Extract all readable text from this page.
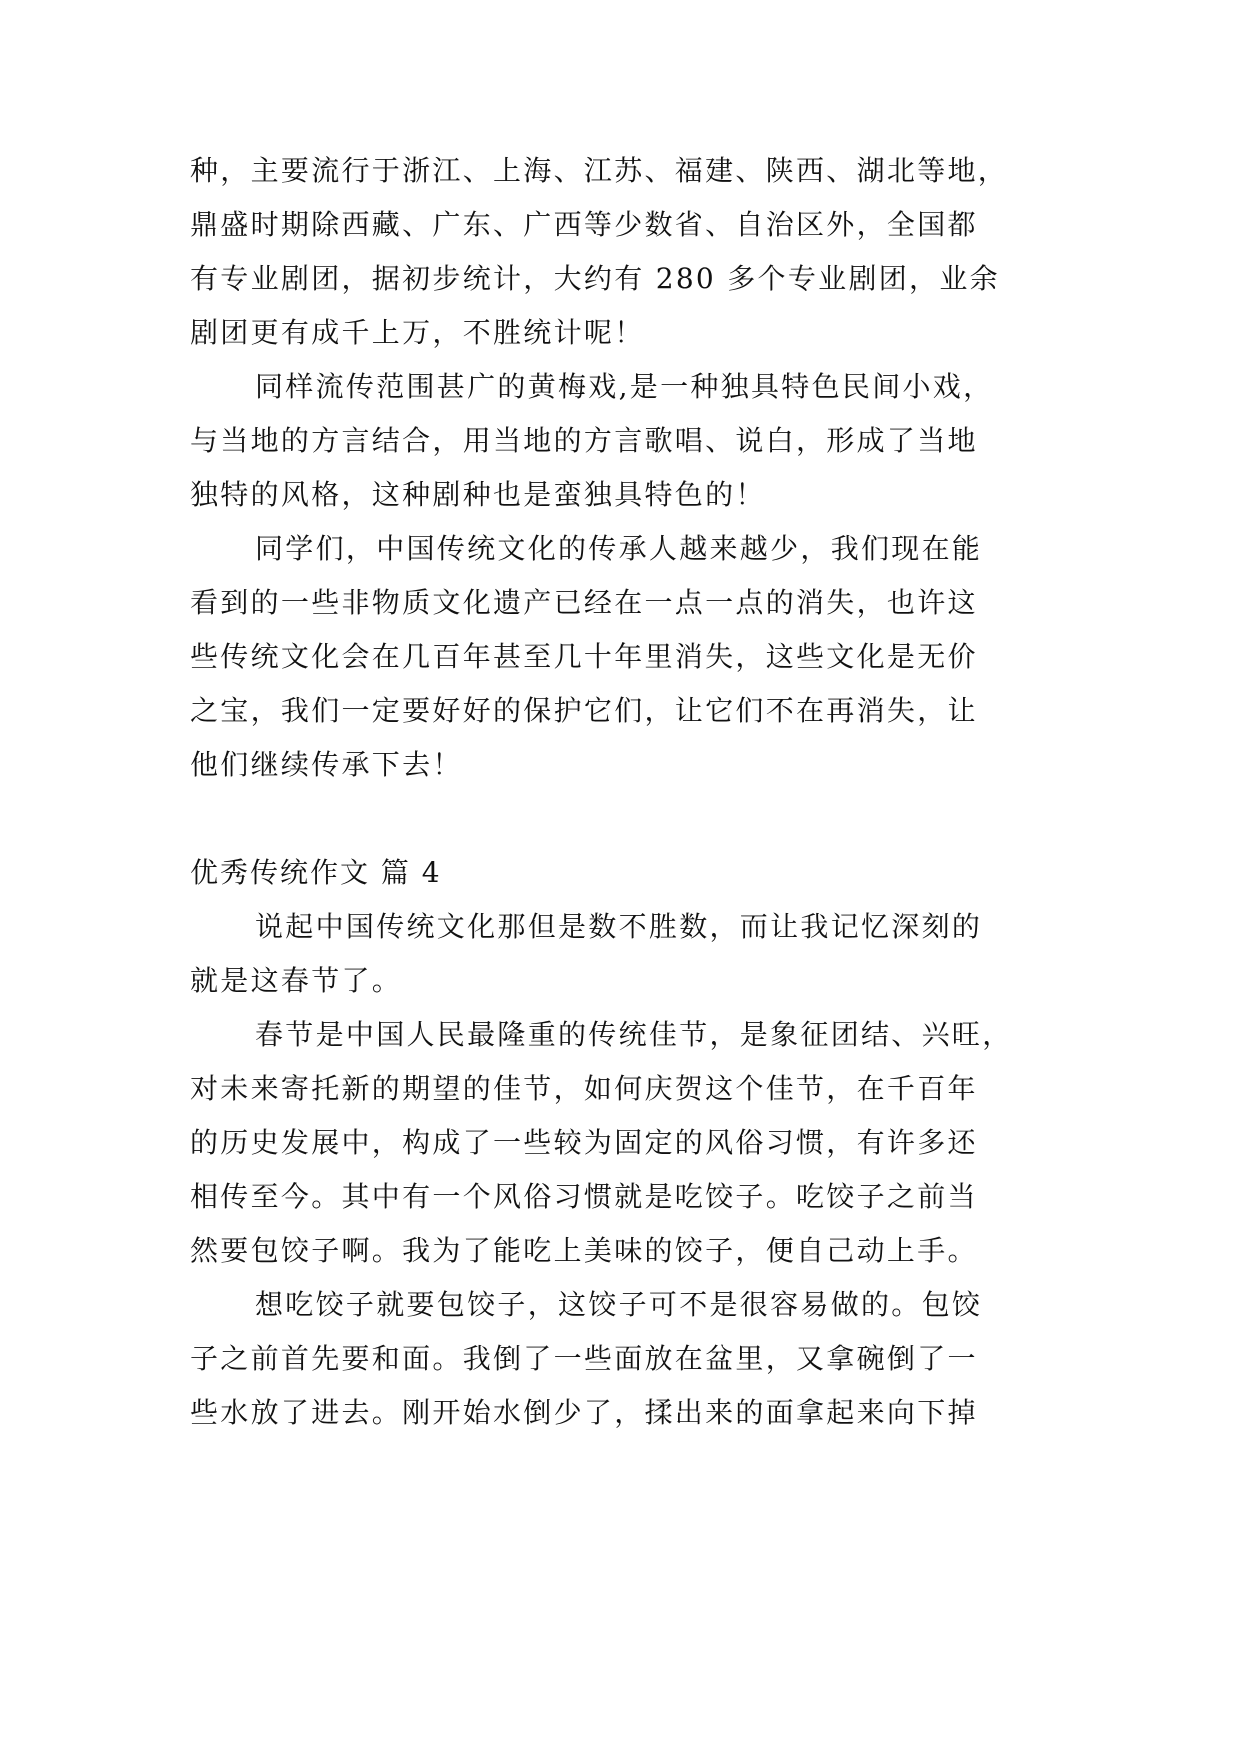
种，主要流行于浙江、上海、江苏、福建、陕西、湖北等地，
鼎盛时期除西藏、广东、广西等少数省、自治区外，全国都
有专业剧团，据初步统计，大约有 280 多个专业剧团，业余
剧团更有成千上万，不胜统计呢！
同样流传范围甚广的黄梅戏,是一种独具特色民间小戏，
与当地的方言结合，用当地的方言歌唱、说白，形成了当地
独特的风格，这种剧种也是蛮独具特色的！
同学们，中国传统文化的传承人越来越少，我们现在能
看到的一些非物质文化遗产已经在一点一点的消失，也许这
些传统文化会在几百年甚至几十年里消失，这些文化是无价
之宝，我们一定要好好的保护它们，让它们不在再消失，让
他们继续传承下去！
优秀传统作文 篇 4
说起中国传统文化那但是数不胜数，而让我记忆深刻的
就是这春节了。
春节是中国人民最隆重的传统佳节，是象征团结、兴旺，
对未来寄托新的期望的佳节，如何庆贺这个佳节，在千百年
的历史发展中，构成了一些较为固定的风俗习惯，有许多还
相传至今。其中有一个风俗习惯就是吃饺子。吃饺子之前当
然要包饺子啊。我为了能吃上美味的饺子，便自己动上手。
想吃饺子就要包饺子，这饺子可不是很容易做的。包饺
子之前首先要和面。我倒了一些面放在盆里，又拿碗倒了一
些水放了进去。刚开始水倒少了，揉出来的面拿起来向下掉
